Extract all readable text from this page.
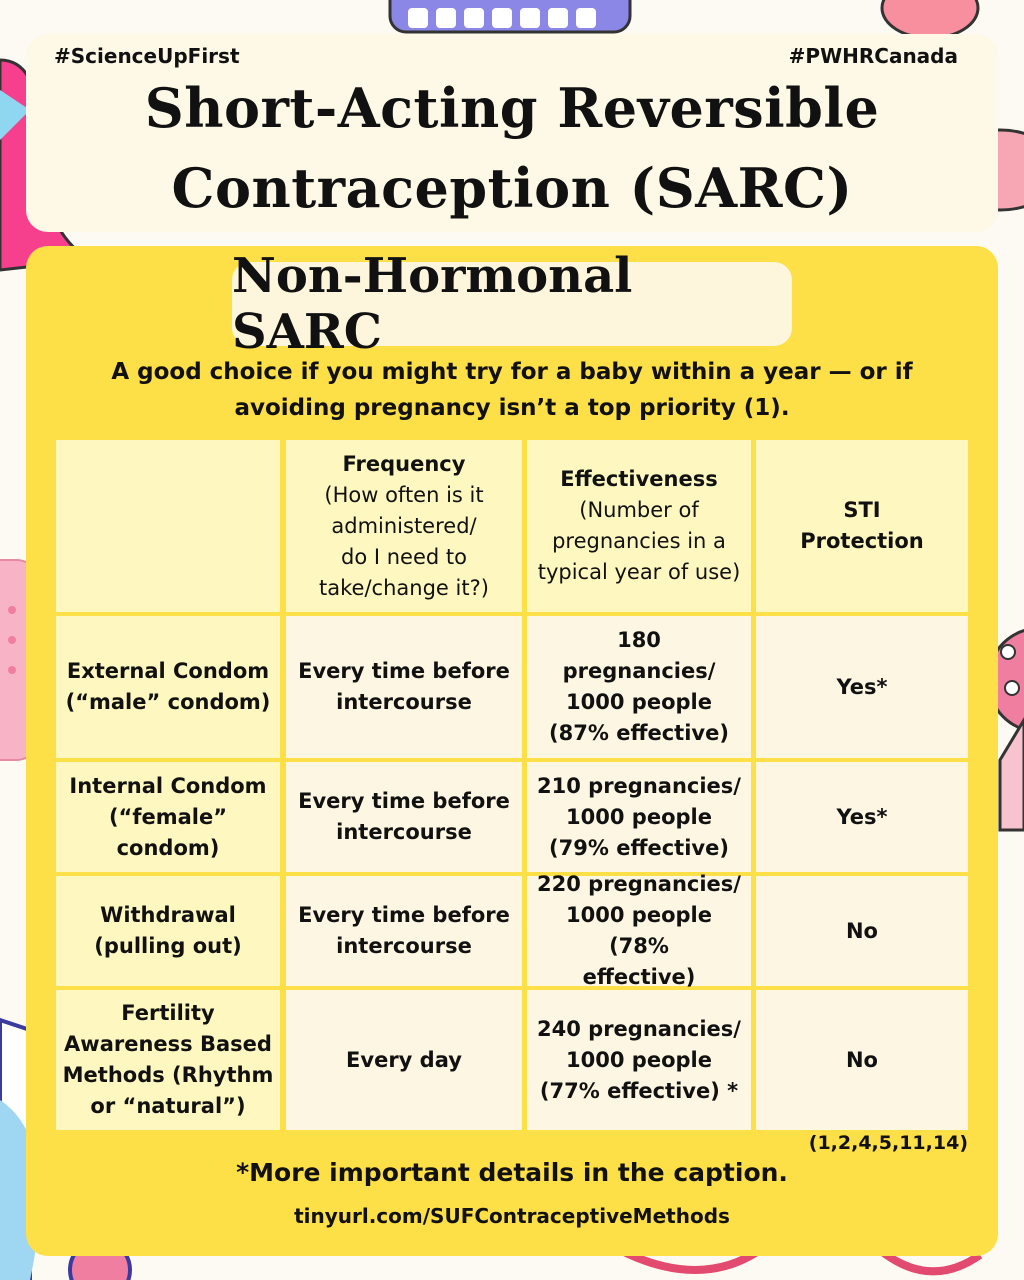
#ScienceUpFirst	#PWHRCanada
Short-Acting Reversible
Contraception (SARC)
Non-Hormonal SARC
A good choice if you might try for a baby within a year — or if
avoiding pregnancy isn’t a top priority (1).
Frequency
(How often is it
administered/
do I need to
take/change it?)
Effectiveness
(Number of
pregnancies in a
typical year of use)
STI
Protection
External Condom
(“male” condom)
Every time before
intercourse
180
pregnancies/
1000 people
(87% effective)
Yes*
Internal Condom
(“female”
condom)
Every time before
intercourse
210 pregnancies/
1000 people
(79% effective)
Yes*
Withdrawal
(pulling out)
Every time before
intercourse
220 pregnancies/
1000 people (78%
effective)
No
Fertility
Awareness Based
Methods (Rhythm
or “natural”)
Every day
240 pregnancies/
1000 people
(77% effective) *
No
(1,2,4,5,11,14)
*More important details in the caption.
tinyurl.com/SUFContraceptiveMethods
